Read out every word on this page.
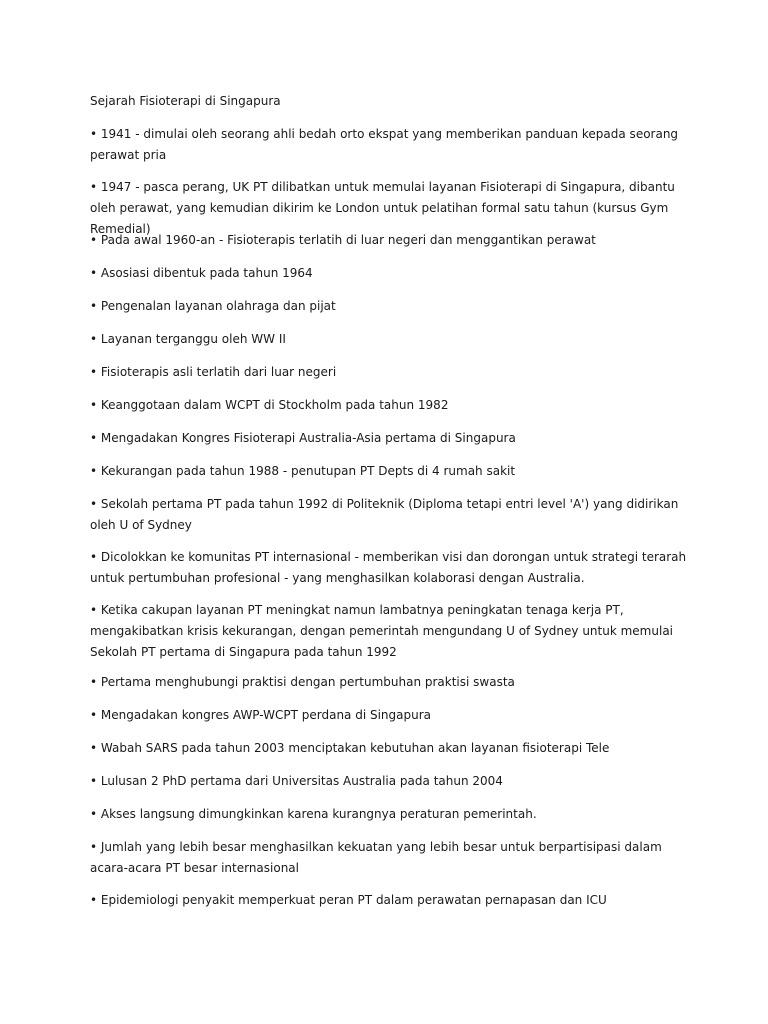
Sejarah Fisioterapi di Singapura

• 1941 - dimulai oleh seorang ahli bedah orto ekspat yang memberikan panduan kepada seorang perawat pria

• 1947 - pasca perang, UK PT dilibatkan untuk memulai layanan Fisioterapi di Singapura, dibantu oleh perawat, yang kemudian dikirim ke London untuk pelatihan formal satu tahun (kursus Gym Remedial)

• Pada awal 1960-an - Fisioterapis terlatih di luar negeri dan menggantikan perawat

• Asosiasi dibentuk pada tahun 1964

• Pengenalan layanan olahraga dan pijat

• Layanan terganggu oleh WW II

• Fisioterapis asli terlatih dari luar negeri

• Keanggotaan dalam WCPT di Stockholm pada tahun 1982

• Mengadakan Kongres Fisioterapi Australia-Asia pertama di Singapura

• Kekurangan pada tahun 1988 - penutupan PT Depts di 4 rumah sakit

• Sekolah pertama PT pada tahun 1992 di Politeknik (Diploma tetapi entri level 'A') yang didirikan oleh U of Sydney

• Dicolokkan ke komunitas PT internasional - memberikan visi dan dorongan untuk strategi terarah untuk pertumbuhan profesional - yang menghasilkan kolaborasi dengan Australia.

• Ketika cakupan layanan PT meningkat namun lambatnya peningkatan tenaga kerja PT, mengakibatkan krisis kekurangan, dengan pemerintah mengundang U of Sydney untuk memulai Sekolah PT pertama di Singapura pada tahun 1992

• Pertama menghubungi praktisi dengan pertumbuhan praktisi swasta

• Mengadakan kongres AWP-WCPT perdana di Singapura

• Wabah SARS pada tahun 2003 menciptakan kebutuhan akan layanan fisioterapi Tele

• Lulusan 2 PhD pertama dari Universitas Australia pada tahun 2004

• Akses langsung dimungkinkan karena kurangnya peraturan pemerintah.

• Jumlah yang lebih besar menghasilkan kekuatan yang lebih besar untuk berpartisipasi dalam acara-acara PT besar internasional

• Epidemiologi penyakit memperkuat peran PT dalam perawatan pernapasan dan ICU
